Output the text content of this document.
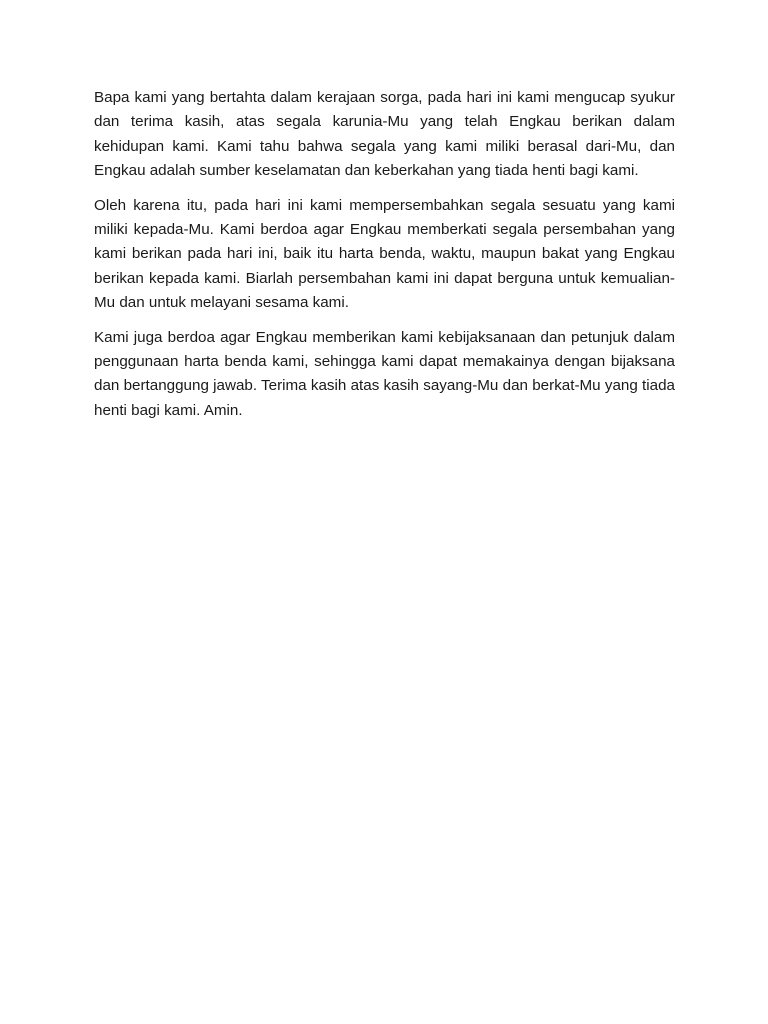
Bapa kami yang bertahta dalam kerajaan sorga, pada hari ini kami mengucap syukur dan terima kasih, atas segala karunia-Mu yang telah Engkau berikan dalam kehidupan kami. Kami tahu bahwa segala yang kami miliki berasal dari-Mu, dan Engkau adalah sumber keselamatan dan keberkahan yang tiada henti bagi kami.

Oleh karena itu, pada hari ini kami mempersembahkan segala sesuatu yang kami miliki kepada-Mu. Kami berdoa agar Engkau memberkati segala persembahan yang kami berikan pada hari ini, baik itu harta benda, waktu, maupun bakat yang Engkau berikan kepada kami. Biarlah persembahan kami ini dapat berguna untuk kemualian-Mu dan untuk melayani sesama kami.

Kami juga berdoa agar Engkau memberikan kami kebijaksanaan dan petunjuk dalam penggunaan harta benda kami, sehingga kami dapat memakainya dengan bijaksana dan bertanggung jawab. Terima kasih atas kasih sayang-Mu dan berkat-Mu yang tiada henti bagi kami. Amin.
